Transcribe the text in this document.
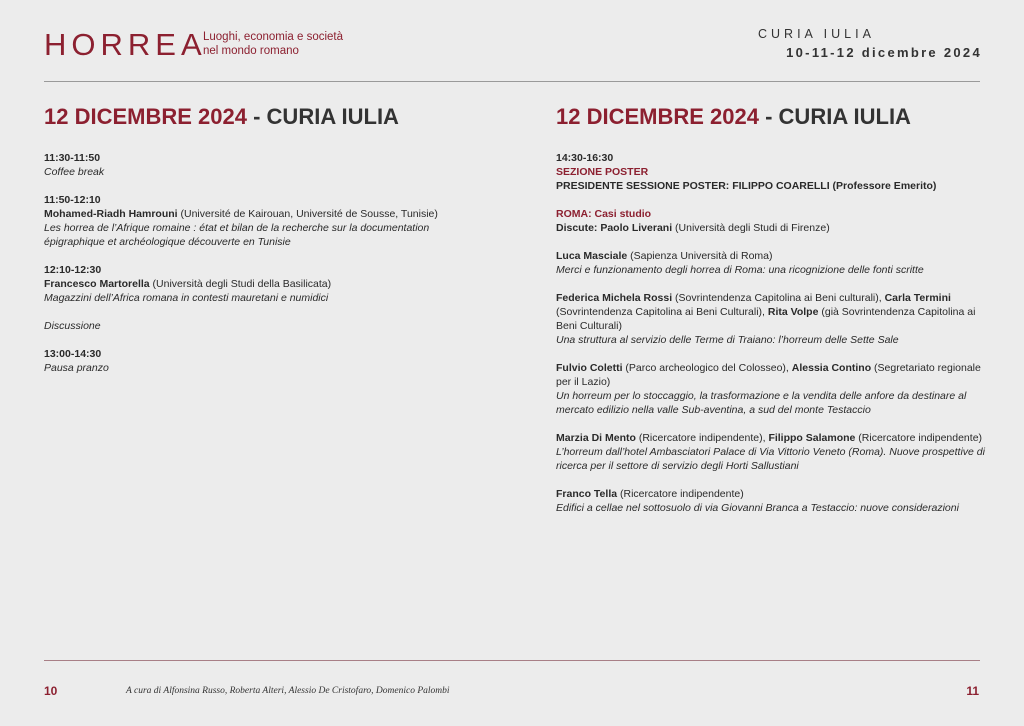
HORREA
Luoghi, economia e società
nel mondo romano
CURIA IULIA
10-11-12 dicembre 2024
12 DICEMBRE 2024 - CURIA IULIA

11:30-11:50

Coffee break

11:50-12:10

Mohamed-Riadh Hamrouni (Université de Kairouan, Université de Sousse, Tunisie)

Les horrea de l’Afrique romaine : état et bilan de la recherche sur la documentation épigraphique et archéologique découverte en Tunisie

12:10-12:30

Francesco Martorella (Università degli Studi della Basilicata)

Magazzini dell’Africa romana in contesti mauretani e numidici

Discussione

13:00-14:30

Pausa pranzo

12 DICEMBRE 2024 - CURIA IULIA

14:30-16:30

SEZIONE POSTER

PRESIDENTE SESSIONE POSTER: FILIPPO COARELLI (Professore Emerito)

ROMA: Casi studio

Discute: Paolo Liverani (Università degli Studi di Firenze)

Luca Masciale (Sapienza Università di Roma)

Merci e funzionamento degli horrea di Roma: una ricognizione delle fonti scritte

Federica Michela Rossi (Sovrintendenza Capitolina ai Beni culturali), Carla Termini (Sovrintendenza Capitolina ai Beni Culturali), Rita Volpe (già Sovrintendenza Capitolina ai Beni Culturali)

Una struttura al servizio delle Terme di Traiano: l’horreum delle Sette Sale

Fulvio Coletti (Parco archeologico del Colosseo), Alessia Contino (Segretariato regionale per il Lazio)

Un horreum per lo stoccaggio, la trasformazione e la vendita delle anfore da destinare al mercato edilizio nella valle Sub-aventina, a sud del monte Testaccio

Marzia Di Mento (Ricercatore indipendente), Filippo Salamone (Ricercatore indipendente)

L’horreum dall’hotel Ambasciatori Palace di Via Vittorio Veneto (Roma). Nuove prospettive di ricerca per il settore di servizio degli Horti Sallustiani

Franco Tella (Ricercatore indipendente)

Edifici a cellae nel sottosuolo di via Giovanni Branca a Testaccio: nuove considerazioni

10	A cura di Alfonsina Russo, Roberta Alteri, Alessio De Cristofaro, Domenico Palombi	11
